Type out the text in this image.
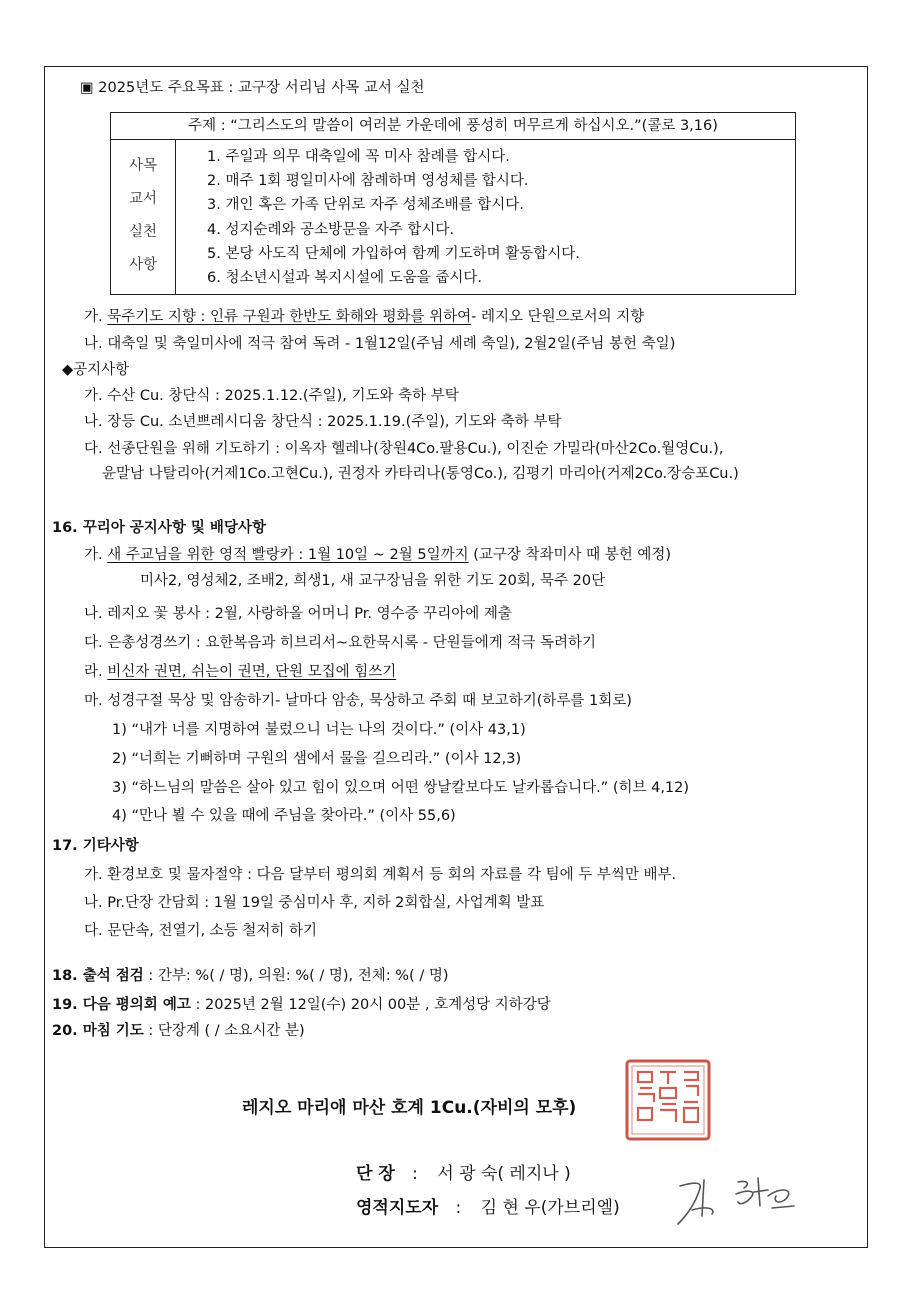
▣ 2025년도 주요목표 : 교구장 서리님 사목 교서 실천
주제 : “그리스도의 말씀이 여러분 가운데에 풍성히 머무르게 하십시오.”(콜로 3,16)
사목
교서
실천
사항
1. 주일과 의무 대축일에 꼭 미사 참례를 합시다.
2. 매주 1회 평일미사에 참례하며 영성체를 합시다.
3. 개인 혹은 가족 단위로 자주 성체조배를 합시다.
4. 성지순례와 공소방문을 자주 합시다.
5. 본당 사도직 단체에 가입하여 함께 기도하며 활동합시다.
6. 청소년시설과 복지시설에 도움을 줍시다.
가. 묵주기도 지향 : 인류 구원과 한반도 화해와 평화를 위하여- 레지오 단원으로서의 지향
나. 대축일 및 축일미사에 적극 참여 독려 - 1월12일(주님 세례 축일), 2월2일(주님 봉헌 축일)
◆공지사항
가. 수산 Cu. 창단식 : 2025.1.12.(주일), 기도와 축하 부탁
나. 장등 Cu. 소년쁘레시디움 창단식 : 2025.1.19.(주일), 기도와 축하 부탁
다. 선종단원을 위해 기도하기 : 이옥자 헬레나(창원4Co.팔용Cu.), 이진순 가밀라(마산2Co.월영Cu.),
윤말남 나탈리아(거제1Co.고현Cu.), 권정자 카타리나(통영Co.), 김평기 마리아(거제2Co.장승포Cu.)
16. 꾸리아 공지사항 및 배당사항
가. 새 주교님을 위한 영적 빨랑카 : 1월 10일 ~ 2월 5일까지 (교구장 착좌미사 때 봉헌 예정)
미사2, 영성체2, 조배2, 희생1, 새 교구장님을 위한 기도 20회, 묵주 20단
나. 레지오 꽃 봉사 : 2월, 사랑하올 어머니 Pr. 영수증 꾸리아에 제출
다. 은총성경쓰기 : 요한복음과 히브리서~요한묵시록 - 단원들에게 적극 독려하기
라. 비신자 권면, 쉬는이 권면, 단원 모집에 힘쓰기
마. 성경구절 묵상 및 암송하기- 날마다 암송, 묵상하고 주회 때 보고하기(하루를 1회로)
1) “내가 너를 지명하여 불렀으니 너는 나의 것이다.” (이사 43,1)
2) “너희는 기뻐하며 구원의 샘에서 물을 길으리라.” (이사 12,3)
3) “하느님의 말씀은 살아 있고 힘이 있으며 어떤 쌍날칼보다도 날카롭습니다.” (히브 4,12)
4) “만나 뵐 수 있을 때에 주님을 찾아라.” (이사 55,6)
17. 기타사항
가. 환경보호 및 물자절약 : 다음 달부터 평의회 계획서 등 회의 자료를 각 팀에 두 부씩만 배부.
나. Pr.단장 간담회 : 1월 19일 중심미사 후, 지하 2회합실, 사업계획 발표
다. 문단속, 전열기, 소등 철저히 하기
18. 출석 점검 : 간부: %( / 명), 의원: %( / 명), 전체: %( / 명)
19. 다음 평의회 예고 : 2025년 2월 12일(수) 20시 00분 , 호계성당 지하강당
20. 마침 기도 : 단장계 ( / 소요시간 분)
레지오 마리애 마산 호계 1Cu.(자비의 모후)
단 장 : 서 광 숙( 레지나 )
영적지도자 : 김 현 우(가브리엘)
